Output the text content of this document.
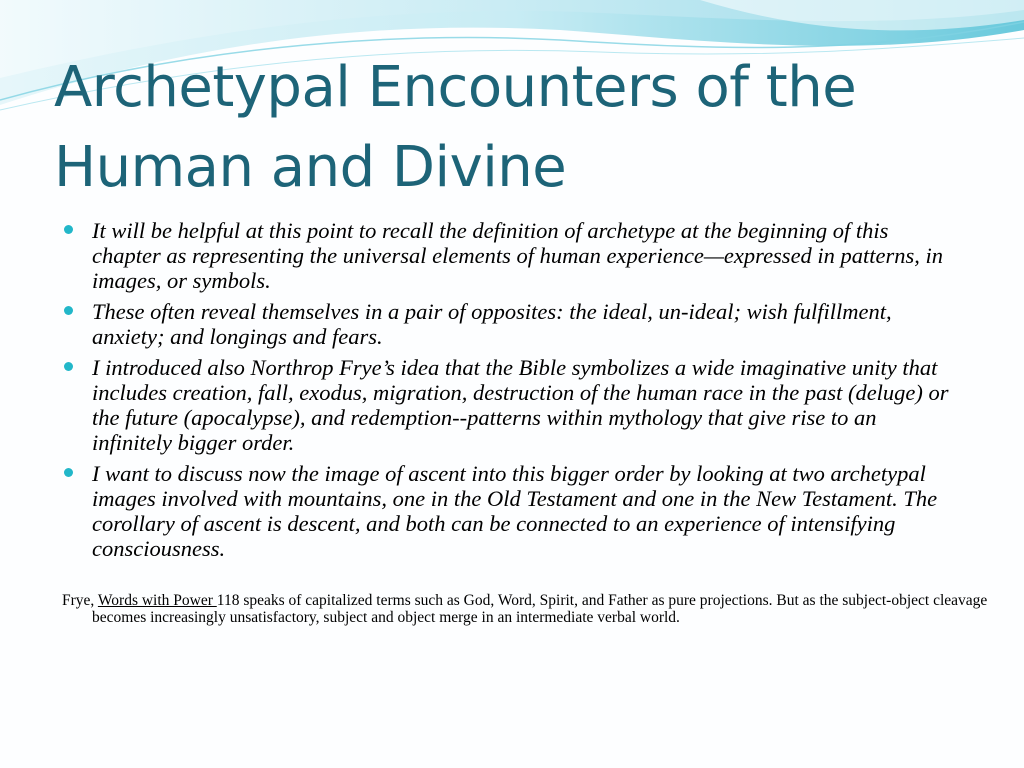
Archetypal Encounters of the Human and Divine
It will be helpful at this point to recall the definition of archetype at the beginning of this chapter as representing the universal elements of human experience—expressed in patterns, in images, or symbols.
These often reveal themselves in a pair of opposites: the ideal, un-ideal; wish fulfillment, anxiety; and longings and fears.
I introduced also Northrop Frye’s idea that the Bible symbolizes a wide imaginative unity that includes creation, fall, exodus, migration, destruction of the human race in the past (deluge) or the future (apocalypse), and redemption--patterns within mythology that give rise to an infinitely bigger order.
I want to discuss now the image of ascent into this bigger order by looking at two archetypal images involved with mountains, one in the Old Testament and one in the New Testament. The corollary of ascent is descent, and both can be connected to an experience of intensifying consciousness.

Frye, Words with Power 118 speaks of capitalized terms such as God, Word, Spirit, and Father as pure projections. But as the subject-object cleavage becomes increasingly unsatisfactory, subject and object merge in an intermediate verbal world.
